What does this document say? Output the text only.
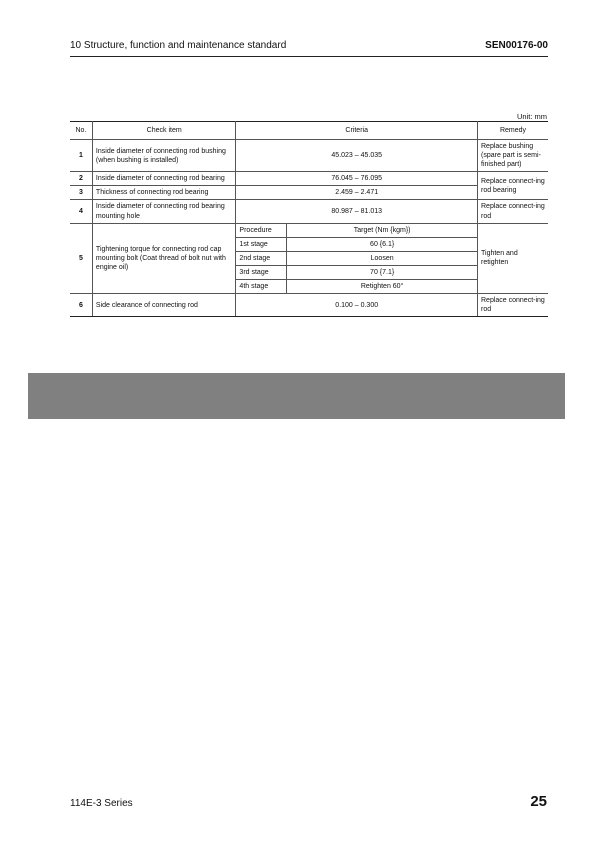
10 Structure, function and maintenance standard	SEN00176-00
Unit: mm
No.	Check item	Criteria		Remedy
1	Inside diameter of connecting rod bushing (when bushing is installed)	45.023 – 45.035		Replace bushing (spare part is semi-finished part)
2	Inside diameter of connecting rod bearing	76.045 – 76.095		Replace connect-ing rod bearing
3	Thickness of connecting rod bearing	2.459 – 2.471		
4	Inside diameter of connecting rod bearing mounting hole	80.987 – 81.013		Replace connect-ing rod
5	Tightening torque for connecting rod cap mounting bolt (Coat thread of bolt nut with engine oil)	Procedure	Target (Nm {kgm})	Tighten and retighten
		1st stage	60 {6.1}	
		2nd stage	Loosen	
		3rd stage	70 {7.1}	
		4th stage	Retighten 60°	
6	Side clearance of connecting rod	0.100 – 0.300		Replace connect-ing rod
114E-3 Series	25
